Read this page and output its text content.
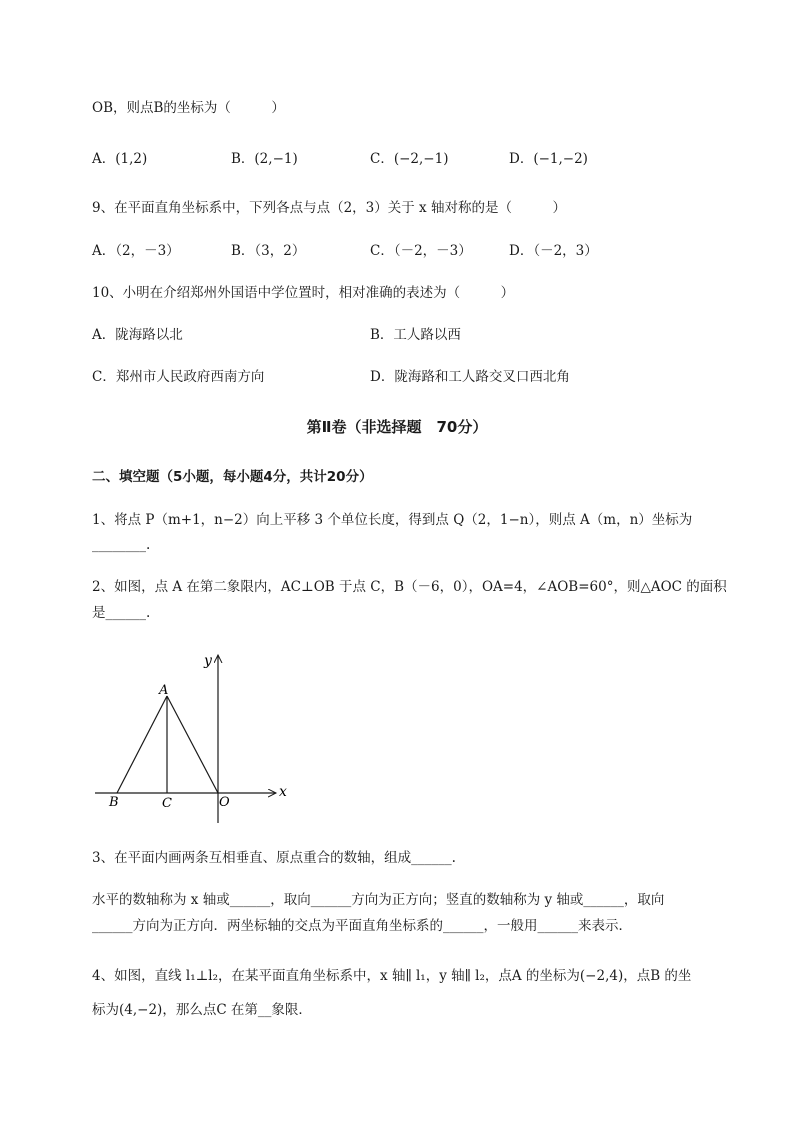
OB，则点B的坐标为（　　　）
A．(1,2)	B．(2,−1)	C．(−2,−1)	D．(−1,−2)
9、在平面直角坐标系中，下列各点与点（2，3）关于 x 轴对称的是（　　　）
A．（2，－3）	B．（3，2）	C．（－2，－3）	D．（－2，3）
10、小明在介绍郑州外国语中学位置时，相对准确的表述为（　　　）
A．陇海路以北	B．工人路以西
C．郑州市人民政府西南方向	D．陇海路和工人路交叉口西北角
第Ⅱ卷（非选择题　70分）
二、填空题（5小题，每小题4分，共计20分）
1、将点 P（m+1，n−2）向上平移 3 个单位长度，得到点 Q（2，1−n），则点 A（m，n）坐标为
________.
2、如图，点 A 在第二象限内，AC⊥OB 于点 C，B（－6，0），OA=4，∠AOB=60°，则△AOC 的面积
是______.
y
x
A
B	C	O
3、在平面内画两条互相垂直、原点重合的数轴，组成______.
水平的数轴称为 x 轴或______，取向______方向为正方向；竖直的数轴称为 y 轴或______，取向
______方向为正方向．两坐标轴的交点为平面直角坐标系的______，一般用______来表示．
4、如图，直线 l₁⊥l₂，在某平面直角坐标系中，x 轴∥ l₁，y 轴∥ l₂，点A 的坐标为(−2,4)，点B 的坐
标为(4,−2)，那么点C 在第__象限．
